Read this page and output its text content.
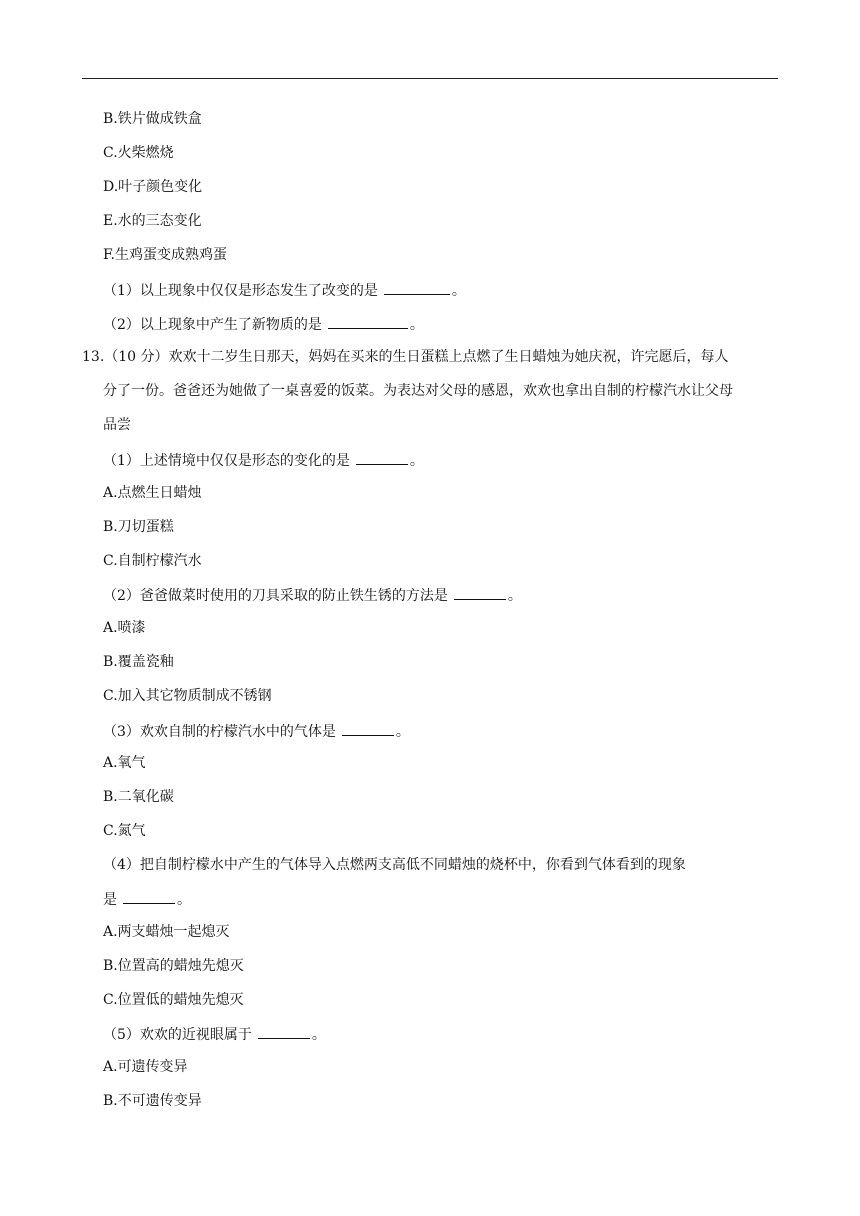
B.铁片做成铁盒
C.火柴燃烧
D.叶子颜色变化
E.水的三态变化
F.生鸡蛋变成熟鸡蛋
（1）以上现象中仅仅是形态发生了改变的是	。
（2）以上现象中产生了新物质的是	。
13.（10 分）欢欢十二岁生日那天，妈妈在买来的生日蛋糕上点燃了生日蜡烛为她庆祝，许完愿后，每人
分了一份。爸爸还为她做了一桌喜爱的饭菜。为表达对父母的感恩，欢欢也拿出自制的柠檬汽水让父母
品尝
（1）上述情境中仅仅是形态的变化的是	。
A.点燃生日蜡烛
B.刀切蛋糕
C.自制柠檬汽水
（2）爸爸做菜时使用的刀具采取的防止铁生锈的方法是	。
A.喷漆
B.覆盖瓷釉
C.加入其它物质制成不锈钢
（3）欢欢自制的柠檬汽水中的气体是	。
A.氧气
B.二氧化碳
C.氮气
（4）把自制柠檬水中产生的气体导入点燃两支高低不同蜡烛的烧杯中，你看到气体看到的现象
是	。
A.两支蜡烛一起熄灭
B.位置高的蜡烛先熄灭
C.位置低的蜡烛先熄灭
（5）欢欢的近视眼属于	。
A.可遗传变异
B.不可遗传变异
